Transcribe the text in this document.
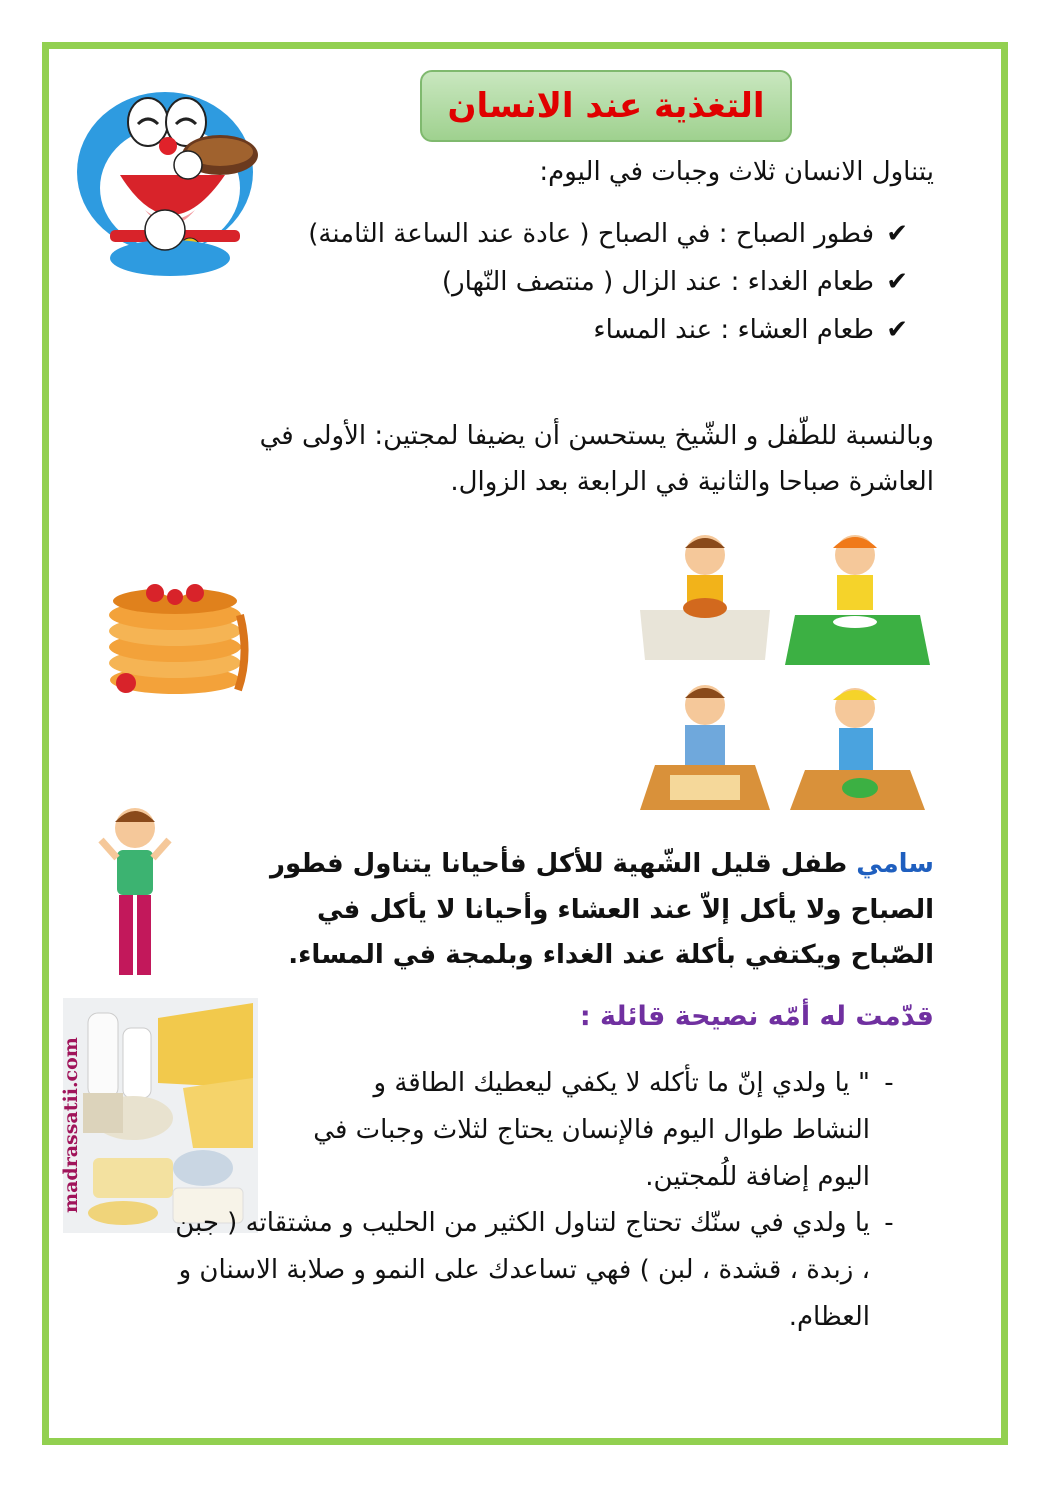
التغذية عند الانسان
يتناول الانسان ثلاث وجبات في اليوم:
✔
فطور الصباح : في الصباح ( عادة عند الساعة الثامنة)
✔
طعام الغداء : عند الزال ( منتصف النّهار)
✔
طعام العشاء : عند المساء
وبالنسبة للطّفل و الشّيخ يستحسن أن يضيفا لمجتين: الأولى في العاشرة صباحا والثانية في الرابعة بعد الزوال.
سامي طفل قليل الشّهية للأكل فأحيانا يتناول فطور الصباح ولا يأكل إلاّ عند العشاء وأحيانا لا يأكل في الصّباح ويكتفي بأكلة عند الغداء وبلمجة في المساء.
madrassatii.com
قدّمت له أمّه نصيحة قائلة :
-
" يا ولدي إنّ ما تأكله لا يكفي ليعطيك الطاقة و النشاط طوال اليوم فالإنسان يحتاج لثلاث وجبات في اليوم إضافة للُمجتين.
-
يا ولدي في سنّك تحتاج لتناول الكثير من الحليب و مشتقاته ( جبن ، زبدة ، قشدة ، لبن ) فهي تساعدك على النمو و صلابة الاسنان و العظام.
